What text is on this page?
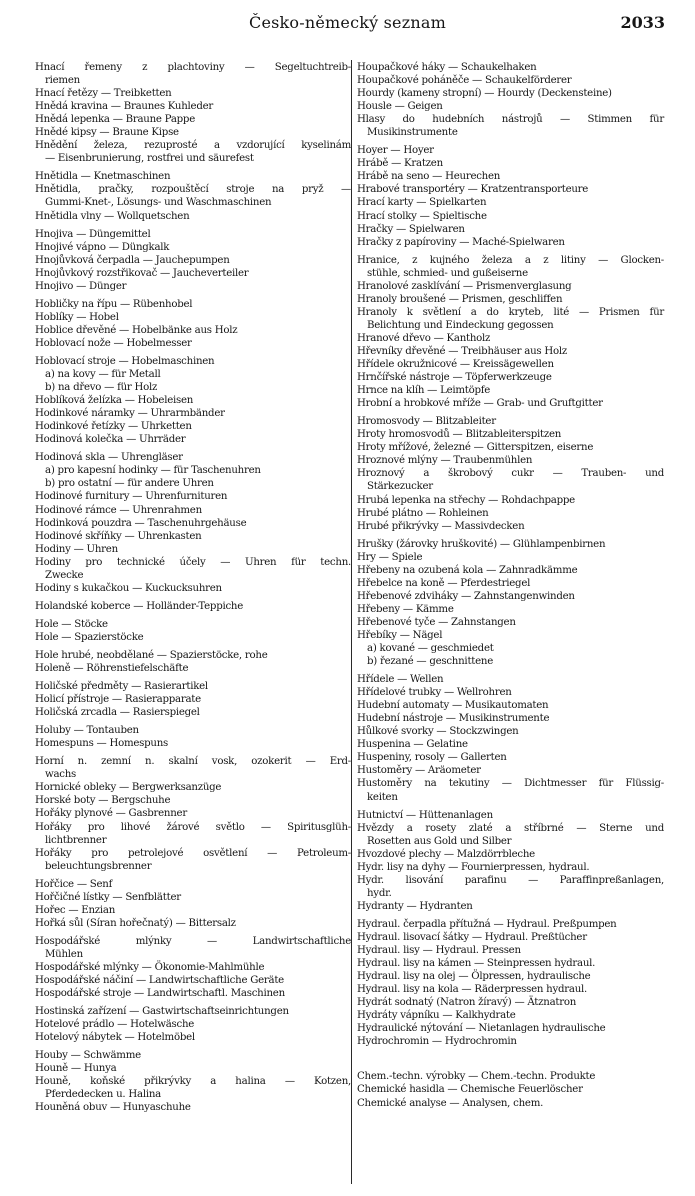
Česko-německý seznam	2033
Hnací řemeny z plachtoviny — Segeltuchtreib-
riemen
Hnací řetězy — Treibketten
Hnědá kravina — Braunes Kuhleder
Hnědá lepenka — Braune Pappe
Hnědé kipsy — Braune Kipse
Hnědění železa, rezuprosté a vzdorující kyselinám
— Eisenbrunierung, rostfrei und säurefest
Hnětidla — Knetmaschinen
Hnětidla, pračky, rozpouštěcí stroje na pryž —
Gummi-Knet-, Lösungs- und Waschmaschinen
Hnětidla vlny — Wollquetschen
Hnojiva — Düngemittel
Hnojivé vápno — Düngkalk
Hnojůvková čerpadla — Jauchepumpen
Hnojůvkový rozstřikovač — Jaucheverteiler
Hnojivo — Dünger
Hobličky na řípu — Rübenhobel
Hoblíky — Hobel
Hoblice dřevěné — Hobelbänke aus Holz
Hoblovací nože — Hobelmesser
Hoblovací stroje — Hobelmaschinen
a) na kovy — für Metall
b) na dřevo — für Holz
Hoblíková želízka — Hobeleisen
Hodinkové náramky — Uhrarmbänder
Hodinkové řetízky — Uhrketten
Hodinová kolečka — Uhrräder
Hodinová skla — Uhrengläser
a) pro kapesní hodinky — für Taschenuhren
b) pro ostatní — für andere Uhren
Hodinové furnitury — Uhrenfurnituren
Hodinové rámce — Uhrenrahmen
Hodinková pouzdra — Taschenuhrgehäuse
Hodinové skříňky — Uhrenkasten
Hodiny — Uhren
Hodiny pro technické účely — Uhren für techn.
Zwecke
Hodiny s kukačkou — Kuckucksuhren
Holandské koberce — Holländer-Teppiche
Hole — Stöcke
Hole — Spazierstöcke
Hole hrubé, neobdělané — Spazierstöcke, rohe
Holeně — Röhrenstiefelschäfte
Holičské předměty — Rasierartikel
Holicí přístroje — Rasierapparate
Holičská zrcadla — Rasierspiegel
Holuby — Tontauben
Homespuns — Homespuns
Horní n. zemní n. skalní vosk, ozokerit — Erd-
wachs
Hornické obleky — Bergwerksanzüge
Horské boty — Bergschuhe
Hořáky plynové — Gasbrenner
Hořáky pro lihové žárové světlo — Spiritusglüh-
lichtbrenner
Hořáky pro petrolejové osvětlení — Petroleum-
beleuchtungsbrenner
Hořčice — Senf
Hořčičné lístky — Senfblätter
Hořec — Enzian
Hořká sůl (Síran hořečnatý) — Bittersalz
Hospodářské mlýnky — Landwirtschaftliche
Mühlen
Hospodářské mlýnky — Ökonomie-Mahlmühle
Hospodářské náčiní — Landwirtschaftliche Geräte
Hospodářské stroje — Landwirtschaftl. Maschinen
Hostinská zařízení — Gastwirtschaftseinrichtungen
Hotelové prádlo — Hotelwäsche
Hotelový nábytek — Hotelmöbel
Houby — Schwämme
Houně — Hunya
Houně, koňské přikrývky a halina — Kotzen,
Pferdedecken u. Halina
Houněná obuv — Hunyaschuhe
Houpačkové háky — Schaukelhaken
Houpačkové poháněče — Schaukelförderer
Hourdy (kameny stropní) — Hourdy (Deckensteine)
Housle — Geigen
Hlasy do hudebních nástrojů — Stimmen für
Musikinstrumente
Hoyer — Hoyer
Hrábě — Kratzen
Hrábě na seno — Heurechen
Hrabové transportéry — Kratzentransporteure
Hrací karty — Spielkarten
Hrací stolky — Spieltische
Hračky — Spielwaren
Hračky z papíroviny — Maché-Spielwaren
Hranice, z kujného železa a z litiny — Glocken-
stühle, schmied- und gußeiserne
Hranolové zasklívání — Prismenverglasung
Hranoly broušené — Prismen, geschliffen
Hranoly k světlení a do kryteb, lité — Prismen für
Belichtung und Eindeckung gegossen
Hranové dřevo — Kantholz
Hřevníky dřevěné — Treibhäuser aus Holz
Hřídele okružnicové — Kreissägewellen
Hrnčířské nástroje — Töpferwerkzeuge
Hrnce na klíh — Leimtöpfe
Hrobní a hrobkové mříže — Grab- und Gruftgitter
Hromosvody — Blitzableiter
Hroty hromosvodů — Blitzableiterspitzen
Hroty mřížové, železné — Gitterspitzen, eiserne
Hroznové mlýny — Traubenmühlen
Hroznový a škrobový cukr — Trauben- und
Stärkezucker
Hrubá lepenka na střechy — Rohdachpappe
Hrubé plátno — Rohleinen
Hrubé přikrývky — Massivdecken
Hrušky (žárovky hruškovité) — Glühlampenbirnen
Hry — Spiele
Hřebeny na ozubená kola — Zahnradkämme
Hřebelce na koně — Pferdestriegel
Hřebenové zdviháky — Zahnstangenwinden
Hřebeny — Kämme
Hřebenové tyče — Zahnstangen
Hřebíky — Nägel
a) kované — geschmiedet
b) řezané — geschnittene
Hřídele — Wellen
Hřídelové trubky — Wellrohren
Hudební automaty — Musikautomaten
Hudební nástroje — Musikinstrumente
Hůlkové svorky — Stockzwingen
Huspenina — Gelatine
Huspeniny, rosoly — Gallerten
Hustoměry — Aräometer
Hustoměry na tekutiny — Dichtmesser für Flüssig-
keiten
Hutnictví — Hüttenanlagen
Hvězdy a rosety zlaté a stříbrné — Sterne und
Rosetten aus Gold und Silber
Hvozdové plechy — Malzdörrbleche
Hydr. lisy na dyhy — Fournierpressen, hydraul.
Hydr. lisování parafinu — Paraffinpreßanlagen,
hydr.
Hydranty — Hydranten
Hydraul. čerpadla přítužná — Hydraul. Preßpumpen
Hydraul. lisovací šátky — Hydraul. Preßtücher
Hydraul. lisy — Hydraul. Pressen
Hydraul. lisy na kámen — Steinpressen hydraul.
Hydraul. lisy na olej — Ölpressen, hydraulische
Hydraul. lisy na kola — Räderpressen hydraul.
Hydrát sodnatý (Natron žíravý) — Ätznatron
Hydráty vápníku — Kalkhydrate
Hydraulické nýtování — Nietanlagen hydraulische
Hydrochromin — Hydrochromin
Chem.-techn. výrobky — Chem.-techn. Produkte
Chemické hasidla — Chemische Feuerlöscher
Chemické analyse — Analysen, chem.
